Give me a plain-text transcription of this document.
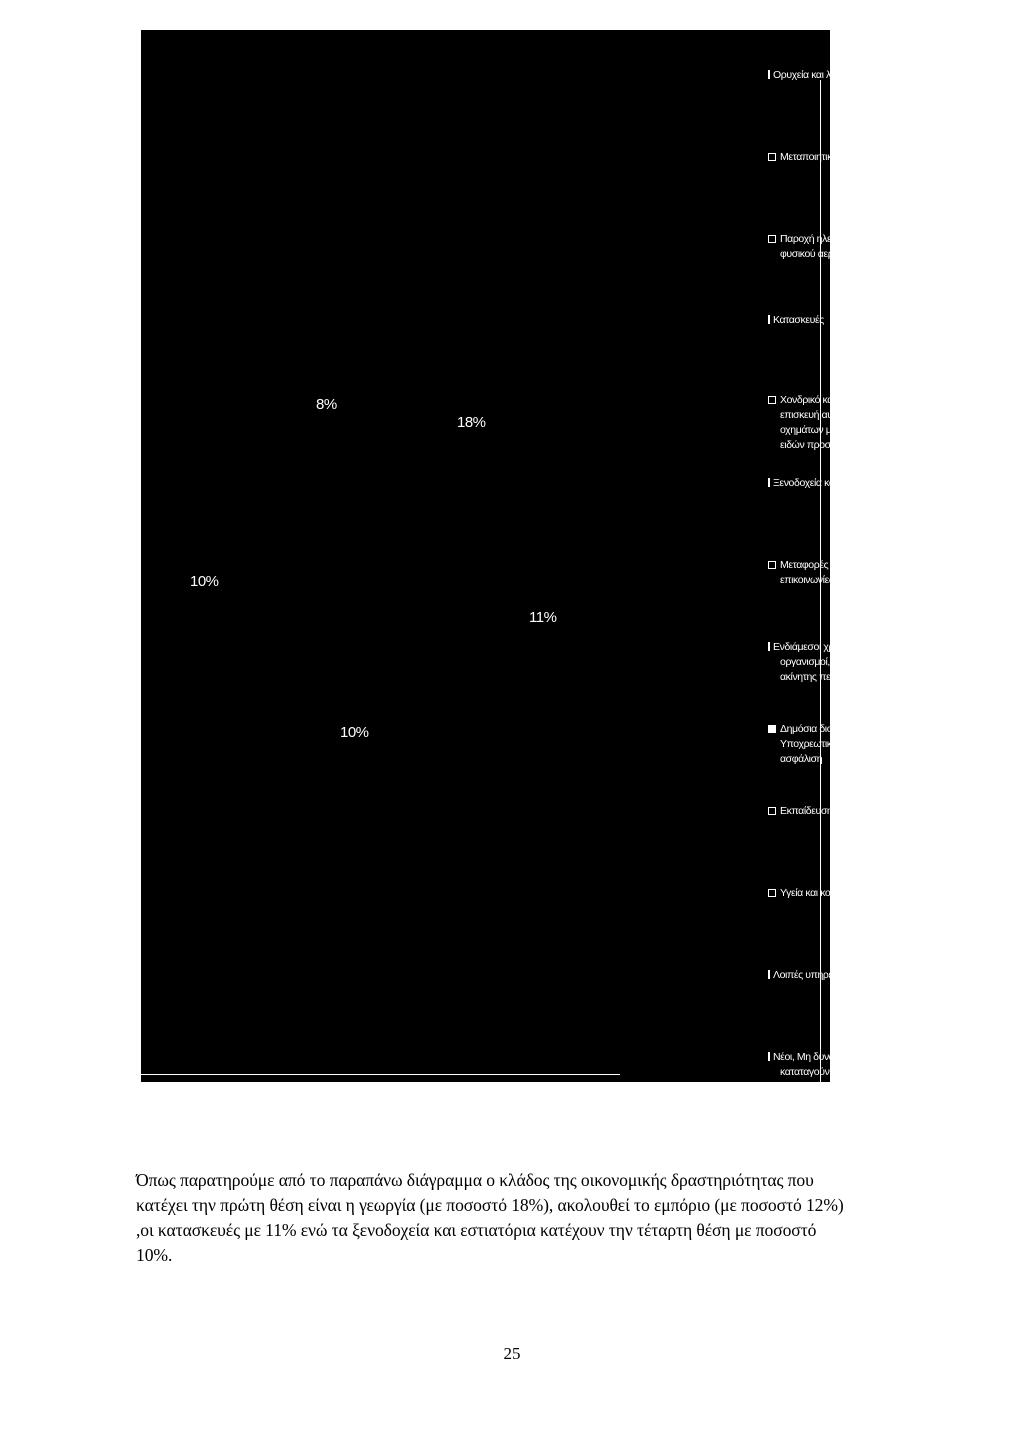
8%
18%
10%
11%
10%
Ορυχεία και λατομεία
Μεταποιητικές βιομηχανίες
Παροχή ηλεκτρικού ρεύματος
φυσικού αερίου και νερού
Κατασκευές
Χονδρικό και λιανικό εμπόριο
επισκευή αυτοκινήτων
οχημάτων μοτοσυκλετών και
ειδών προσωπικής και οικιακής
Ξενοδοχεία και εστιατόρια
Μεταφορές αποθήκευση και
επικοινωνίες
Ενδιάμεσοι χρηματοπιστωτικοί
οργανισμοί, διαχείριση
ακίνητης περιουσίας
Δημόσια διοίκηση και άμυνα.
Υποχρεωτική κοινωνική
ασφάλιση
Εκπαίδευση
Υγεία και κοινωνική μέριμνα
Λοιπές υπηρεσίες
Νέοι, Μη δυνάμενοι να
καταταγούν κατά κλάδο

Όπως παρατηρούμε από το παραπάνω διάγραμμα ο κλάδος της οικονομικής δραστηριότητας που κατέχει την πρώτη θέση είναι η γεωργία (με ποσοστό 18%), ακολουθεί το εμπόριο (με ποσοστό 12%) ,οι κατασκευές με 11% ενώ τα ξενοδοχεία και εστιατόρια κατέχουν την τέταρτη θέση με ποσοστό 10%.

25
